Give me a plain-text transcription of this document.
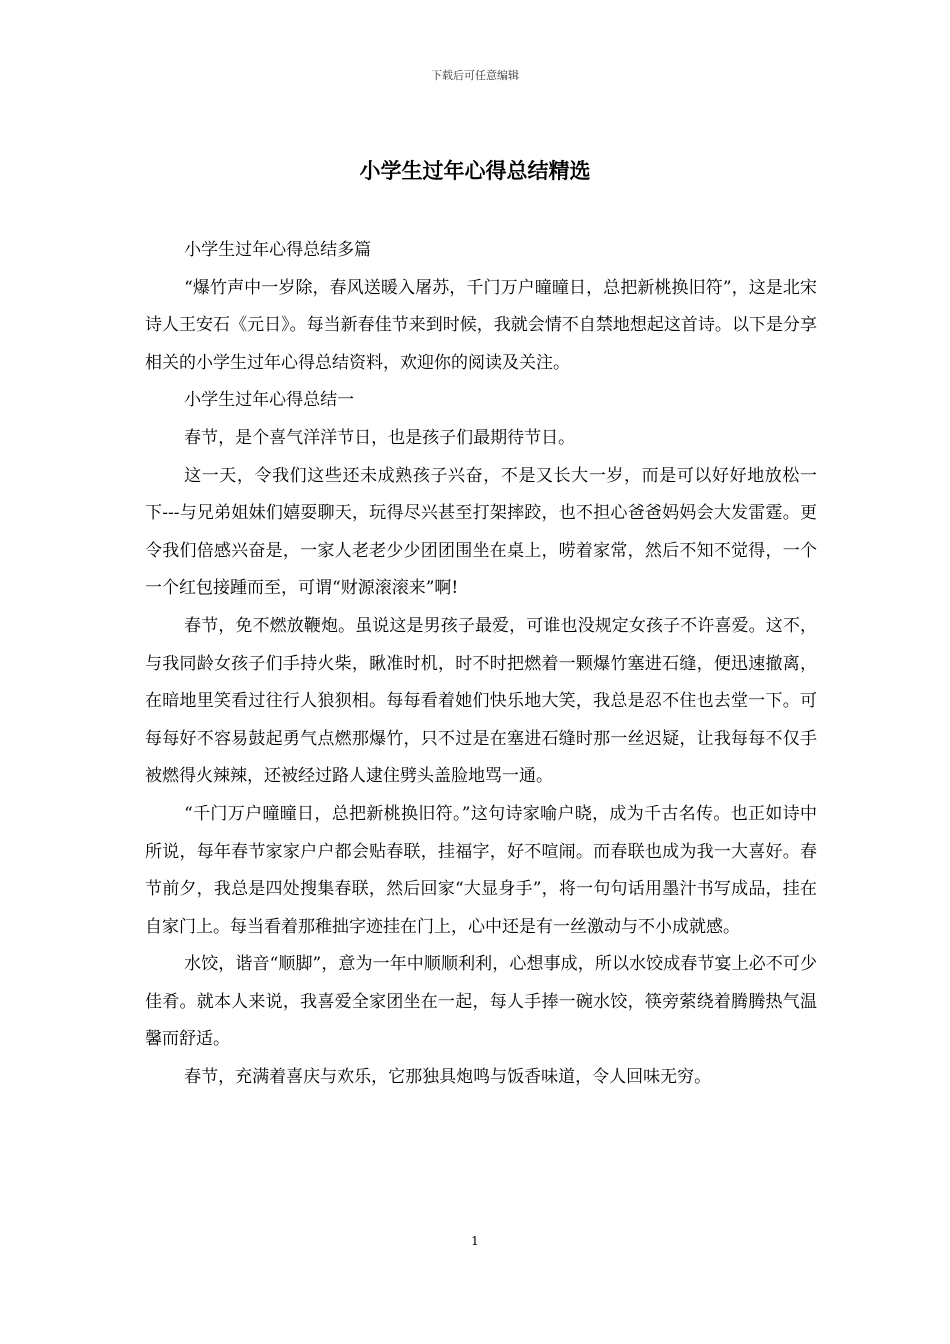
下载后可任意编辑
小学生过年心得总结精选

小学生过年心得总结多篇

“爆竹声中一岁除，春风送暖入屠苏，千门万户曈曈日，总把新桃换旧符”，这是北宋诗人王安石《元日》。每当新春佳节来到时候，我就会情不自禁地想起这首诗。以下是分享相关的小学生过年心得总结资料，欢迎你的阅读及关注。

小学生过年心得总结一

春节，是个喜气洋洋节日，也是孩子们最期待节日。

这一天，令我们这些还未成熟孩子兴奋，不是又长大一岁，而是可以好好地放松一下---与兄弟姐妹们嬉耍聊天，玩得尽兴甚至打架摔跤，也不担心爸爸妈妈会大发雷霆。更令我们倍感兴奋是，一家人老老少少团团围坐在桌上，唠着家常，然后不知不觉得，一个一个红包接踵而至，可谓“财源滚滚来”啊!

春节，免不燃放鞭炮。虽说这是男孩子最爱，可谁也没规定女孩子不许喜爱。这不，与我同龄女孩子们手持火柴，瞅准时机，时不时把燃着一颗爆竹塞进石缝，便迅速撤离，在暗地里笑看过往行人狼狈相。每每看着她们快乐地大笑，我总是忍不住也去堂一下。可每每好不容易鼓起勇气点燃那爆竹，只不过是在塞进石缝时那一丝迟疑，让我每每不仅手被燃得火辣辣，还被经过路人逮住劈头盖脸地骂一通。

“千门万户曈曈日，总把新桃换旧符。”这句诗家喻户晓，成为千古名传。也正如诗中所说，每年春节家家户户都会贴春联，挂福字，好不喧闹。而春联也成为我一大喜好。春节前夕，我总是四处搜集春联，然后回家“大显身手”，将一句句话用墨汁书写成品，挂在自家门上。每当看着那稚拙字迹挂在门上，心中还是有一丝激动与不小成就感。

水饺，谐音“顺脚”，意为一年中顺顺利利，心想事成，所以水饺成春节宴上必不可少佳肴。就本人来说，我喜爱全家团坐在一起，每人手捧一碗水饺，筷旁萦绕着腾腾热气温馨而舒适。

春节，充满着喜庆与欢乐，它那独具炮鸣与饭香味道，令人回味无穷。

1
